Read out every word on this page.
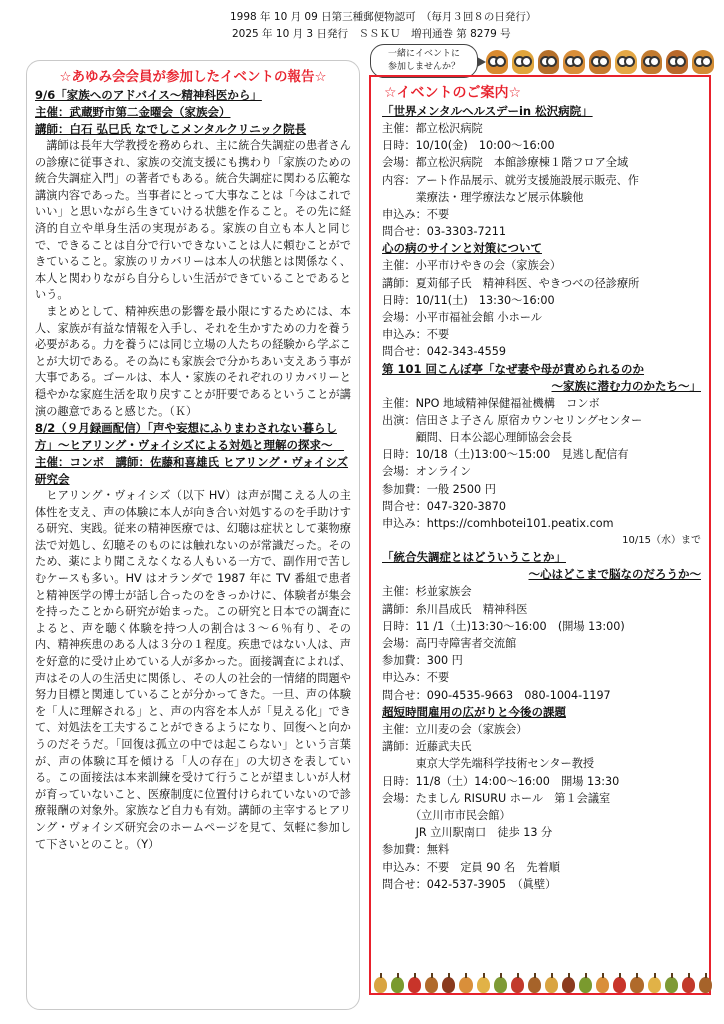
1998 年 10 月 09 日第三種郵便物認可　（毎月３回８の日発行）
2025 年 10 月 3 日発行　ＳＳＫＵ　増刊通巻 第 8279 号
一緒にイベントに
参加しませんか？
☆あゆみ会会員が参加したイベントの報告☆
9/6「家族へのアドバイス～精神科医から」
主催：武蔵野市第二金曜会（家族会）
講師：白石 弘巳氏 なでしこメンタルクリニック院長

講師は長年大学教授を務められ、主に統合失調症の患者さんの診療に従事され、家族の交流支援にも携わり「家族のための統合失調症入門」の著者でもある。統合失調症に関わる広範な講演内容であった。当事者にとって大事なことは「今はこれでいい」と思いながら生きていける状態を作ること。その先に経済的自立や単身生活の実現がある。家族の自立も本人と同じで、できることは自分で行いできないことは人に頼むことができていること。家族のリカバリーは本人の状態とは関係なく、本人と関わりながら自分らしい生活ができていることであるという。

まとめとして、精神疾患の影響を最小限にするためには、本人、家族が有益な情報を入手し、それを生かすための力を養う必要がある。力を養うには同じ立場の人たちの経験から学ぶことが大切である。その為にも家族会で分かちあい支えあう事が大事である。ゴールは、本人・家族のそれぞれのリカバリーと穏やかな家庭生活を取り戻すことが肝要であるということが講演の趣意であると感じた。（Ｋ）

8/2（９月録画配信）「声や妄想にふりまわされない暮らし方」～ヒアリング・ヴォイシズによる対処と理解の探求～　主催：コンボ　講師：佐藤和喜雄氏 ヒアリング・ヴォイシズ研究会

ヒアリング・ヴォイシズ（以下 HV）は声が聞こえる人の主体性を支え、声の体験に本人が向き合い対処するのを手助けする研究、実践。従来の精神医療では、幻聴は症状として薬物療法で対処し、幻聴そのものには触れないのが常識だった。そのため、薬により聞こえなくなる人もいる一方で、副作用で苦しむケースも多い。HV はオランダで 1987 年に TV 番組で患者と精神医学の博士が話し合ったのをきっかけに、体験者が集会を持ったことから研究が始まった。この研究と日本での調査によると、声を聴く体験を持つ人の割合は３～６％有り、その内、精神疾患のある人は３分の１程度。疾患ではない人は、声を好意的に受け止めている人が多かった。面接調査によれば、声はその人の生活史に関係し、その人の社会的一情緒的問題や努力目標と関連していることが分かってきた。一旦、声の体験を「人に理解される」と、声の内容を本人が「見える化」できて、対処法を工夫することができるようになり、回復へと向かうのだそうだ。「回復は孤立の中では起こらない」という言葉が、声の体験に耳を傾ける「人の存在」の大切さを表している。この面接法は本来訓練を受けて行うことが望ましいが人材が育っていないこと、医療制度に位置付けられていないので診療報酬の対象外。家族など自力も有効。講師の主宰するヒアリング・ヴォイシズ研究会のホームページを見て、気軽に参加して下さいとのこと。（Y）

☆イベントのご案内☆
「世界メンタルヘルスデーin 松沢病院」
主催：都立松沢病院
日時：10/10(金)　10:00～16:00
会場：都立松沢病院　本館診療棟１階フロア全域
内容：アート作品展示、就労支援施設展示販売、作
　　　業療法・理学療法など展示体験他
申込み：不要
問合せ：03-3303-7211
心の病のサインと対策について
主催：小平市けやきの会（家族会）
講師：夏苅郁子氏　精神科医、やきつべの径診療所
日時：10/11(土)　13:30～16:00
会場：小平市福祉会館 小ホール
申込み：不要
問合せ：042-343-4559
第 101 回こんぼ亭「なぜ妻や母が責められるのか
～家族に潜む力のかたち～」
主催：NPO 地域精神保健福祉機構　コンボ
出演：信田さよ子さん 原宿カウンセリングセンター
　　　顧問、日本公認心理師協会会長
日時：10/18（土)13:00～15:00　見逃し配信有
会場：オンライン
参加費：一般 2500 円
問合せ：047-320-3870
申込み：https://comhbotei101.peatix.com
10/15（水）まで
「統合失調症とはどういうことか」
～心はどこまで脳なのだろうか～
主催：杉並家族会
講師：糸川昌成氏　精神科医
日時：11 /1（土)13:30～16:00　(開場 13:00)
会場：高円寺障害者交流館
参加費：300 円
申込み：不要
問合せ：090-4535-9663　080-1004-1197
超短時間雇用の広がりと今後の課題
主催：立川麦の会（家族会）
講師：近藤武夫氏
　　　東京大学先端科学技術センター教授
日時：11/8（土）14:00～16:00　開場 13:30
会場：たましん RISURU ホール　第１会議室
　　　（立川市市民会館）
　　　JR 立川駅南口　徒歩 13 分
参加費：無料
申込み：不要　定員 90 名　先着順
問合せ：042-537-3905　（眞壁）
